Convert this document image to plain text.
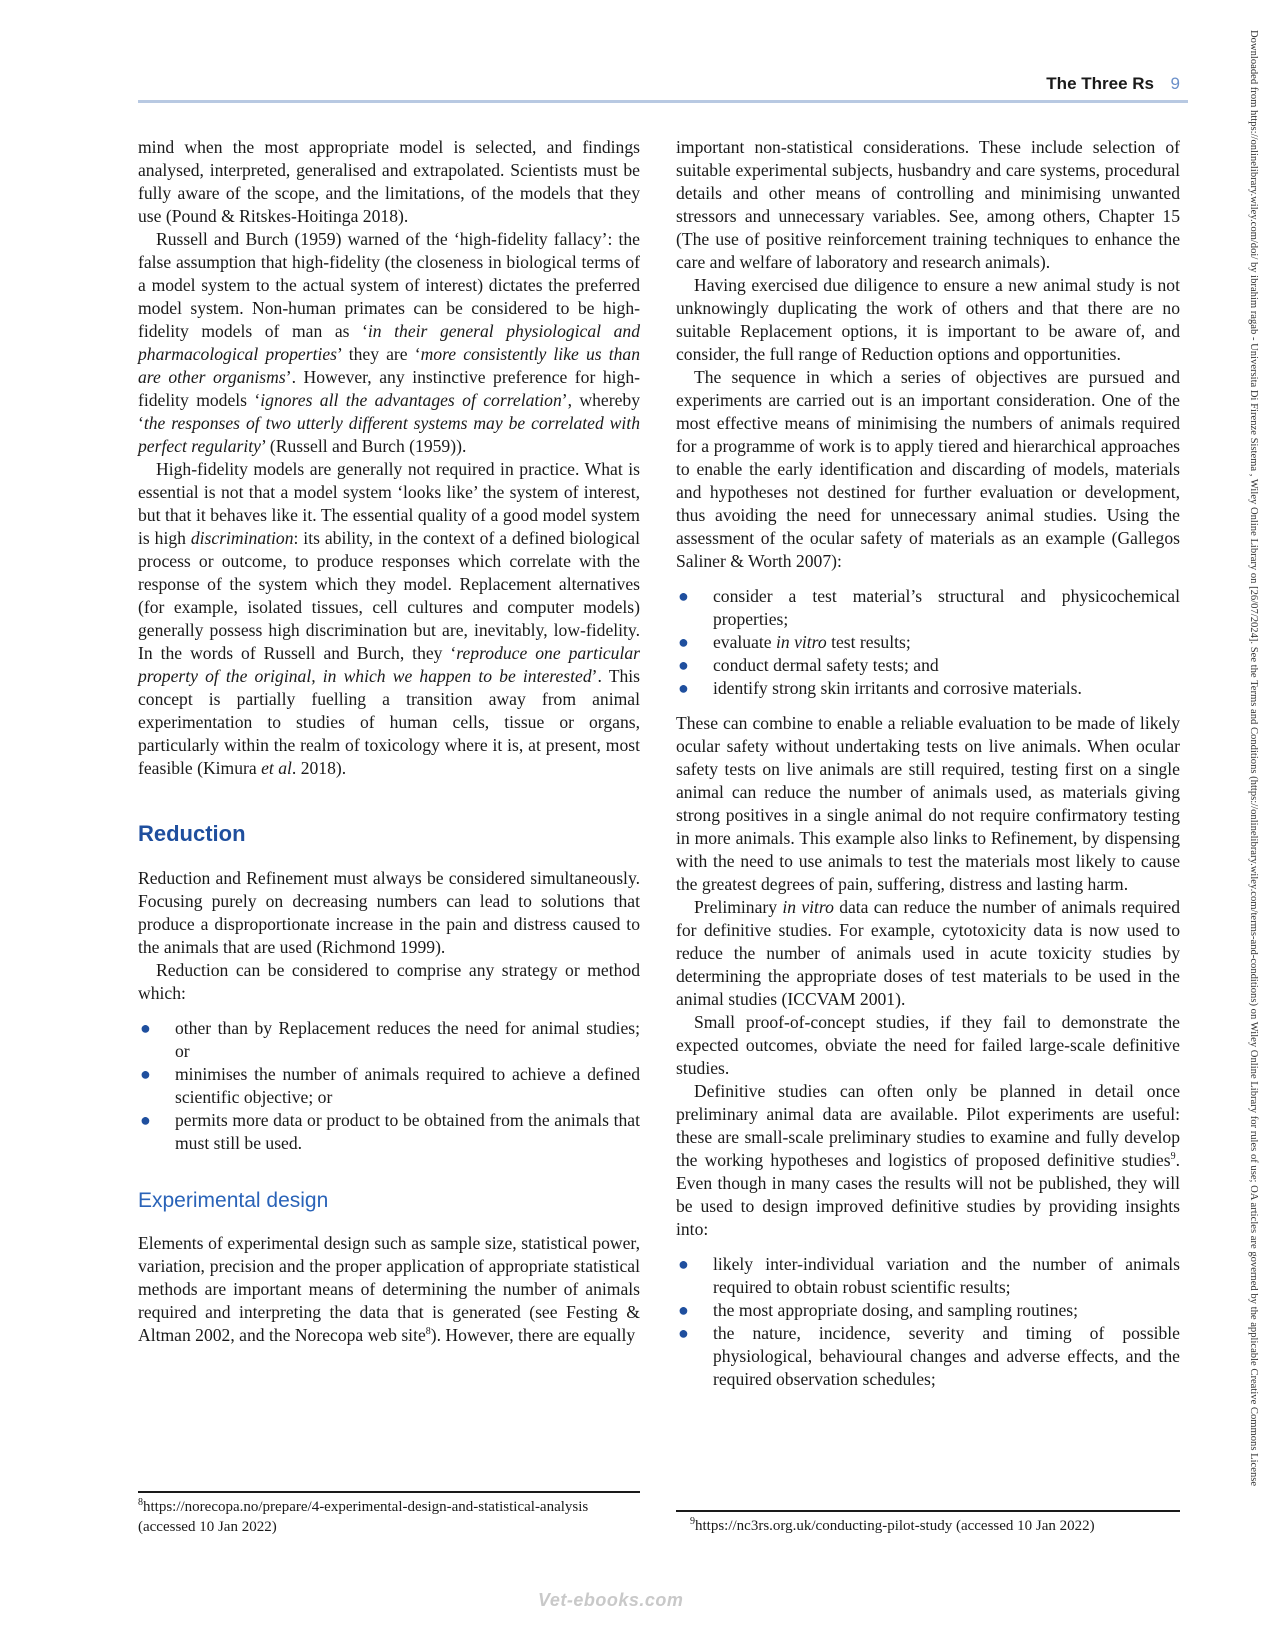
The Three Rs 9

mind when the most appropriate model is selected, and findings analysed, interpreted, generalised and extrapolated. Scientists must be fully aware of the scope, and the limitations, of the models that they use (Pound & Ritskes-Hoitinga 2018).

Russell and Burch (1959) warned of the ‘high-fidelity fallacy’: the false assumption that high-fidelity (the closeness in biological terms of a model system to the actual system of interest) dictates the preferred model system. Non-human primates can be considered to be high-fidelity models of man as ‘in their general physiological and pharmacological properties’ they are ‘more consistently like us than are other organisms’. However, any instinctive preference for high-fidelity models ‘ignores all the advantages of correlation’, whereby ‘the responses of two utterly different systems may be correlated with perfect regularity’ (Russell and Burch (1959)).

High-fidelity models are generally not required in practice. What is essential is not that a model system ‘looks like’ the system of interest, but that it behaves like it. The essential quality of a good model system is high discrimination: its ability, in the context of a defined biological process or outcome, to produce responses which correlate with the response of the system which they model. Replacement alternatives (for example, isolated tissues, cell cultures and computer models) generally possess high discrimination but are, inevitably, low-fidelity. In the words of Russell and Burch, they ‘reproduce one particular property of the original, in which we happen to be interested’. This concept is partially fuelling a transition away from animal experimentation to studies of human cells, tissue or organs, particularly within the realm of toxicology where it is, at present, most feasible (Kimura et al. 2018).

Reduction

Reduction and Refinement must always be considered simultaneously. Focusing purely on decreasing numbers can lead to solutions that produce a disproportionate increase in the pain and distress caused to the animals that are used (Richmond 1999).

Reduction can be considered to comprise any strategy or method which:

● other than by Replacement reduces the need for animal studies; or
● minimises the number of animals required to achieve a defined scientific objective; or
● permits more data or product to be obtained from the animals that must still be used.
Experimental design

Elements of experimental design such as sample size, statistical power, variation, precision and the proper application of appropriate statistical methods are important means of determining the number of animals required and interpreting the data that is generated (see Festing & Altman 2002, and the Norecopa web site$^8$). However, there are equally

$^8$https://norecopa.no/prepare/4-experimental-design-and-statistical-analysis (accessed 10 Jan 2022)

important non-statistical considerations. These include selection of suitable experimental subjects, husbandry and care systems, procedural details and other means of controlling and minimising unwanted stressors and unnecessary variables. See, among others, Chapter 15 (The use of positive reinforcement training techniques to enhance the care and welfare of laboratory and research animals).

Having exercised due diligence to ensure a new animal study is not unknowingly duplicating the work of others and that there are no suitable Replacement options, it is important to be aware of, and consider, the full range of Reduction options and opportunities.

The sequence in which a series of objectives are pursued and experiments are carried out is an important consideration. One of the most effective means of minimising the numbers of animals required for a programme of work is to apply tiered and hierarchical approaches to enable the early identification and discarding of models, materials and hypotheses not destined for further evaluation or development, thus avoiding the need for unnecessary animal studies. Using the assessment of the ocular safety of materials as an example (Gallegos Saliner & Worth 2007):

● consider a test material’s structural and physicochemical properties;
● evaluate in vitro test results;
● conduct dermal safety tests; and
● identify strong skin irritants and corrosive materials.

These can combine to enable a reliable evaluation to be made of likely ocular safety without undertaking tests on live animals. When ocular safety tests on live animals are still required, testing first on a single animal can reduce the number of animals used, as materials giving strong positives in a single animal do not require confirmatory testing in more animals. This example also links to Refinement, by dispensing with the need to use animals to test the materials most likely to cause the greatest degrees of pain, suffering, distress and lasting harm.

Preliminary in vitro data can reduce the number of animals required for definitive studies. For example, cytotoxicity data is now used to reduce the number of animals used in acute toxicity studies by determining the appropriate doses of test materials to be used in the animal studies (ICCVAM 2001).

Small proof-of-concept studies, if they fail to demonstrate the expected outcomes, obviate the need for failed large-scale definitive studies.

Definitive studies can often only be planned in detail once preliminary animal data are available. Pilot experiments are useful: these are small-scale preliminary studies to examine and fully develop the working hypotheses and logistics of proposed definitive studies$^9$. Even though in many cases the results will not be published, they will be used to design improved definitive studies by providing insights into:

● likely inter-individual variation and the number of animals required to obtain robust scientific results;
● the most appropriate dosing, and sampling routines;
● the nature, incidence, severity and timing of possible physiological, behavioural changes and adverse effects, and the required observation schedules;
$^9$https://nc3rs.org.uk/conducting-pilot-study (accessed 10 Jan 2022)
Downloaded from https://onlinelibrary.wiley.com/doi/ by ibrahim ragab - Universita Di Firenze Sistema , Wiley Online Library on [26/07/2024]. See the Terms and Conditions (https://onlinelibrary.wiley.com/terms-and-conditions) on Wiley Online Library for rules of use; OA articles are governed by the applicable Creative Commons License
Vet-ebooks.com
